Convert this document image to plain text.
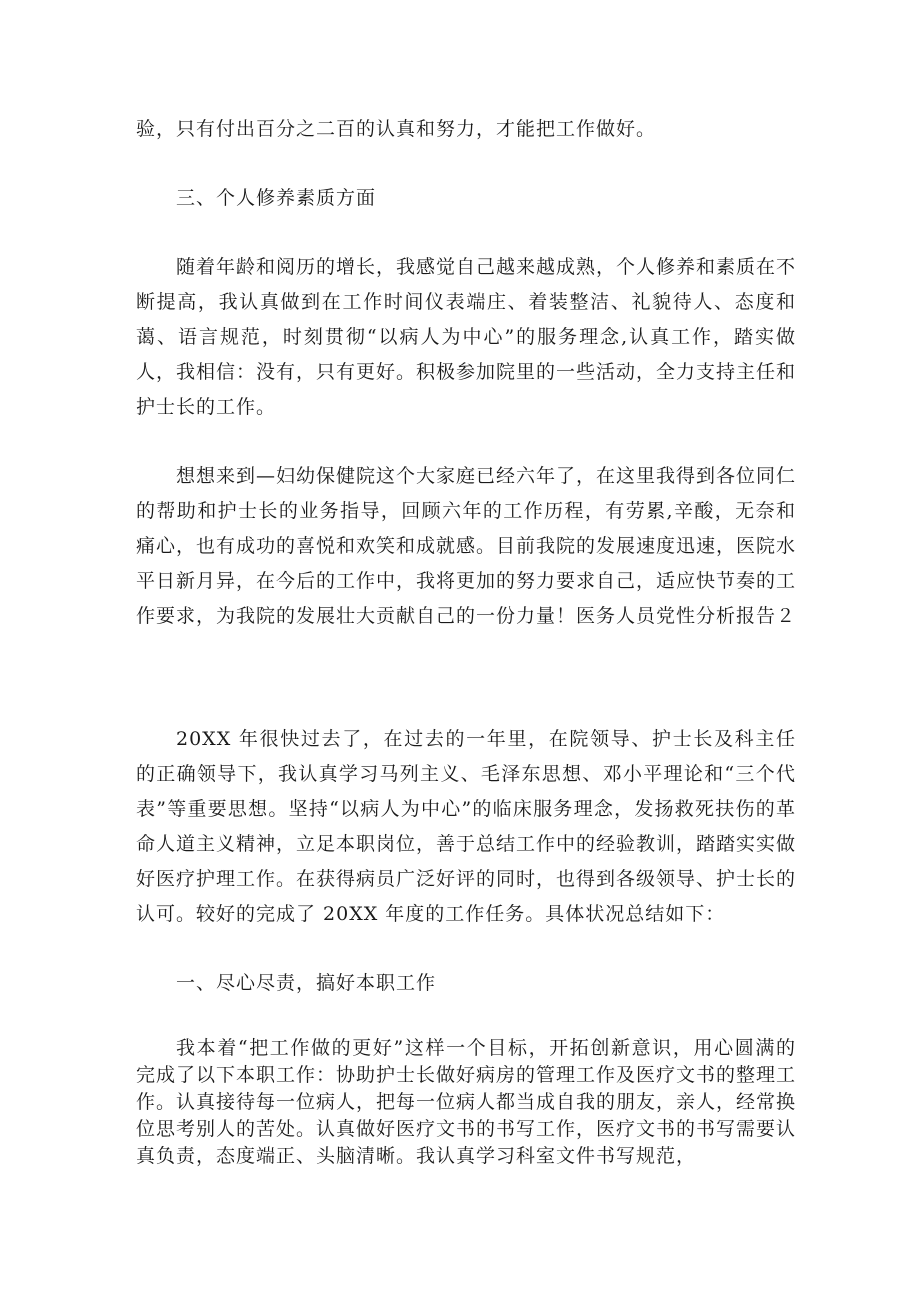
验，只有付出百分之二百的认真和努力，才能把工作做好。

三、个人修养素质方面

随着年龄和阅历的增长，我感觉自己越来越成熟，个人修养和素质在不断提高，我认真做到在工作时间仪表端庄、着装整洁、礼貌待人、态度和蔼、语言规范，时刻贯彻“以病人为中心”的服务理念,认真工作，踏实做人，我相信：没有，只有更好。积极参加院里的一些活动，全力支持主任和护士长的工作。

想想来到—妇幼保健院这个大家庭已经六年了，在这里我得到各位同仁的帮助和护士长的业务指导，回顾六年的工作历程，有劳累,辛酸，无奈和痛心，也有成功的喜悦和欢笑和成就感。目前我院的发展速度迅速，医院水平日新月异，在今后的工作中，我将更加的努力要求自己，适应快节奏的工作要求，为我院的发展壮大贡献自己的一份力量！医务人员党性分析报告２

20XX 年很快过去了，在过去的一年里，在院领导、护士长及科主任的正确领导下，我认真学习马列主义、毛泽东思想、邓小平理论和“三个代表”等重要思想。坚持“以病人为中心”的临床服务理念，发扬救死扶伤的革命人道主义精神，立足本职岗位，善于总结工作中的经验教训，踏踏实实做好医疗护理工作。在获得病员广泛好评的同时，也得到各级领导、护士长的认可。较好的完成了 20XX 年度的工作任务。具体状况总结如下：

一、尽心尽责，搞好本职工作

我本着“把工作做的更好”这样一个目标，开拓创新意识，用心圆满的完成了以下本职工作：协助护士长做好病房的管理工作及医疗文书的整理工作。认真接待每一位病人，把每一位病人都当成自我的朋友，亲人，经常换位思考别人的苦处。认真做好医疗文书的书写工作，医疗文书的书写需要认真负责，态度端正、头脑清晰。我认真学习科室文件书写规范，
